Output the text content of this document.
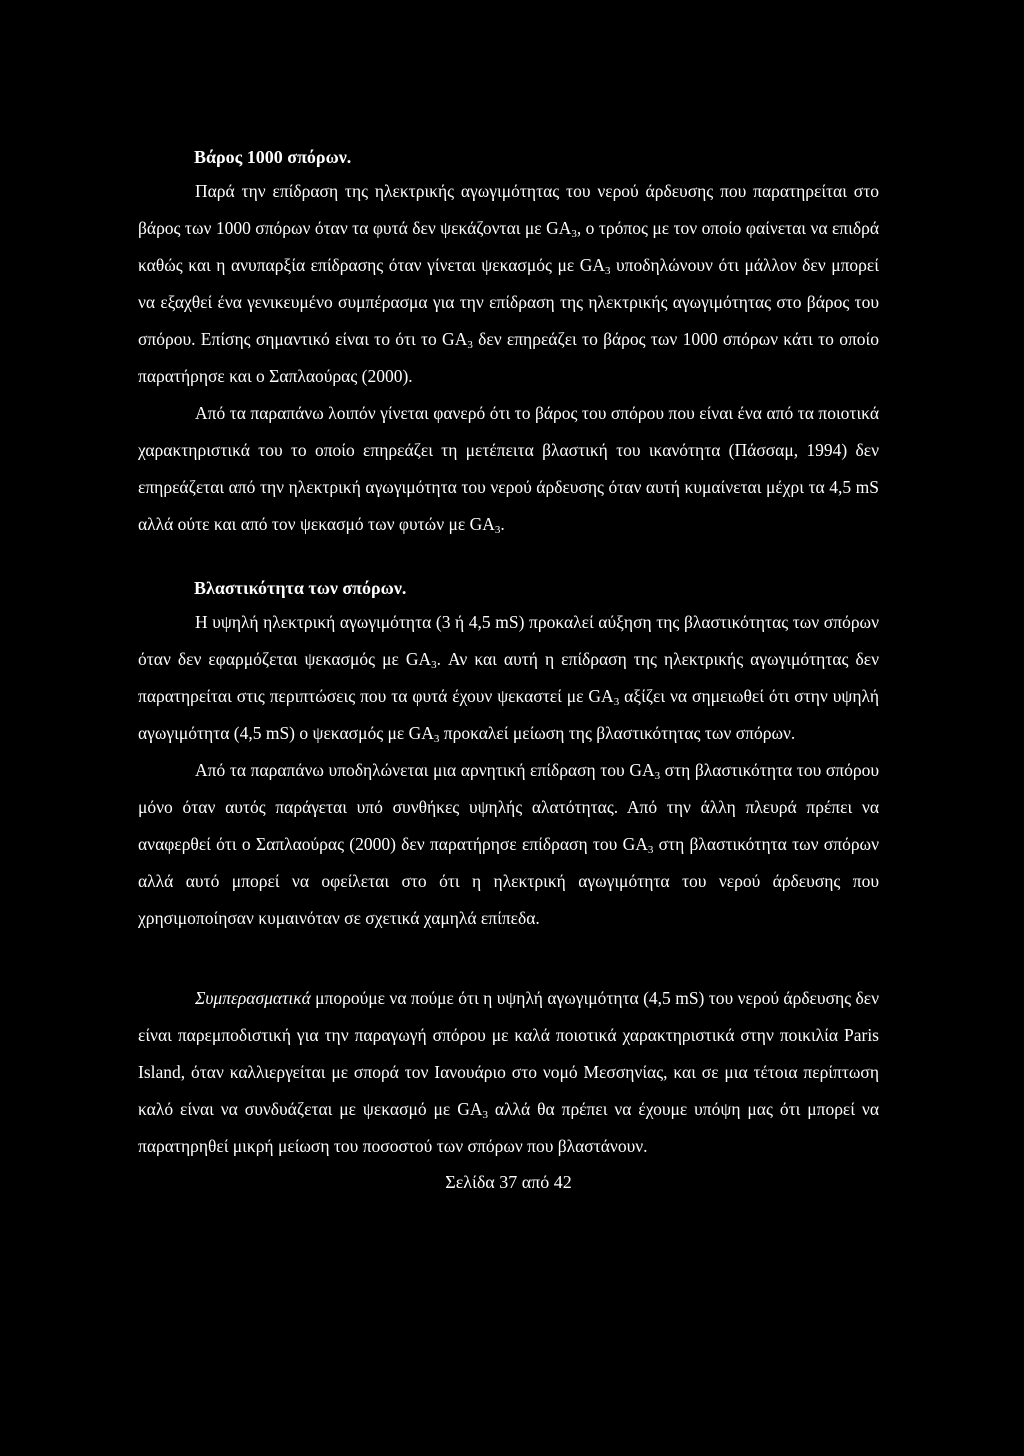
Βάρος 1000 σπόρων.

Παρά την επίδραση της ηλεκτρικής αγωγιμότητας του νερού άρδευσης που παρατηρείται στο βάρος των 1000 σπόρων όταν τα φυτά δεν ψεκάζονται με $GA_3$, ο τρόπος με τον οποίο φαίνεται να επιδρά καθώς και η ανυπαρξία επίδρασης όταν γίνεται ψεκασμός με $GA_3$ υποδηλώνουν ότι μάλλον δεν μπορεί να εξαχθεί ένα γενικευμένο συμπέρασμα για την επίδραση της ηλεκτρικής αγωγιμότητας στο βάρος του σπόρου. Επίσης σημαντικό είναι το ότι το $GA_3$ δεν επηρεάζει το βάρος των 1000 σπόρων κάτι το οποίο παρατήρησε και ο Σαπλαούρας (2000).

Από τα παραπάνω λοιπόν γίνεται φανερό ότι το βάρος του σπόρου που είναι ένα από τα ποιοτικά χαρακτηριστικά του το οποίο επηρεάζει τη μετέπειτα βλαστική του ικανότητα (Πάσσαμ, 1994) δεν επηρεάζεται από την ηλεκτρική αγωγιμότητα του νερού άρδευσης όταν αυτή κυμαίνεται μέχρι τα 4,5 mS αλλά ούτε και από τον ψεκασμό των φυτών με $GA_3$.

Βλαστικότητα των σπόρων.

Η υψηλή ηλεκτρική αγωγιμότητα (3 ή 4,5 mS) προκαλεί αύξηση της βλαστικότητας των σπόρων όταν δεν εφαρμόζεται ψεκασμός με $GA_3$. Αν και αυτή η επίδραση της ηλεκτρικής αγωγιμότητας δεν παρατηρείται στις περιπτώσεις που τα φυτά έχουν ψεκαστεί με $GA_3$ αξίζει να σημειωθεί ότι στην υψηλή αγωγιμότητα (4,5 mS) ο ψεκασμός με $GA_3$ προκαλεί μείωση της βλαστικότητας των σπόρων.

Από τα παραπάνω υποδηλώνεται μια αρνητική επίδραση του $GA_3$ στη βλαστικότητα του σπόρου μόνο όταν αυτός παράγεται υπό συνθήκες υψηλής αλατότητας. Από την άλλη πλευρά πρέπει να αναφερθεί ότι ο Σαπλαούρας (2000) δεν παρατήρησε επίδραση του $GA_3$ στη βλαστικότητα των σπόρων αλλά αυτό μπορεί να οφείλεται στο ότι η ηλεκτρική αγωγιμότητα του νερού άρδευσης που χρησιμοποίησαν κυμαινόταν σε σχετικά χαμηλά επίπεδα.

Συμπερασματικά μπορούμε να πούμε ότι η υψηλή αγωγιμότητα (4,5 mS) του νερού άρδευσης δεν είναι παρεμποδιστική για την παραγωγή σπόρου με καλά ποιοτικά χαρακτηριστικά στην ποικιλία Paris Island, όταν καλλιεργείται με σπορά τον Ιανουάριο στο νομό Μεσσηνίας, και σε μια τέτοια περίπτωση καλό είναι να συνδυάζεται με ψεκασμό με $GA_3$ αλλά θα πρέπει να έχουμε υπόψη μας ότι μπορεί να παρατηρηθεί μικρή μείωση του ποσοστού των σπόρων που βλαστάνουν.

Σελίδα 37 από 42
